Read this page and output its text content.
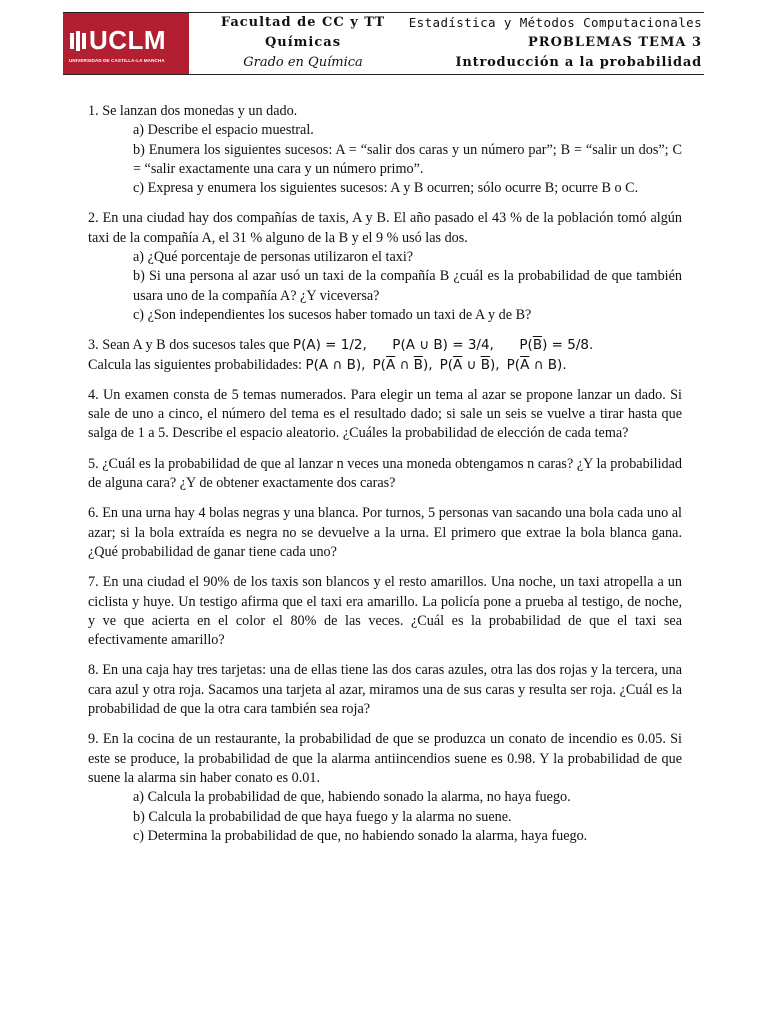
UCLM
UNIVERSIDAD DE CASTILLA-LA MANCHA
Facultad de CC y TT
Químicas
Grado en Química
Estadística y Métodos Computacionales
PROBLEMAS TEMA 3
Introducción a la probabilidad

1. Se lanzan dos monedas y un dado.

a) Describe el espacio muestral.

b) Enumera los siguientes sucesos: A = “salir dos caras y un número par”; B = “salir un dos”; C = “salir exactamente una cara y un número primo”.

c) Expresa y enumera los siguientes sucesos: A y B ocurren; sólo ocurre B; ocurre B o C.

2. En una ciudad hay dos compañías de taxis, A y B. El año pasado el 43 % de la población tomó algún taxi de la compañía A, el 31 % alguno de la B y el 9 % usó las dos.

a) ¿Qué porcentaje de personas utilizaron el taxi?

b) Si una persona al azar usó un taxi de la compañía B ¿cuál es la probabilidad de que también usara uno de la compañía A? ¿Y viceversa?

c) ¿Son independientes los sucesos haber tomado un taxi de A y de B?

3. Sean A y B dos sucesos tales que P(A) = 1/2, P(A ∪ B) = 3/4, $P(\overline{B}) = 5/8$.

Calcula las siguientes probabilidades: P(A ∩ B), $P(\overline{A}$ ∩ $\overline{B}$), $P(\overline{A}$ ∪ $\overline{B}$), $P(\overline{A}$ ∩ B).

4. Un examen consta de 5 temas numerados. Para elegir un tema al azar se propone lanzar un dado. Si sale de uno a cinco, el número del tema es el resultado dado; si sale un seis se vuelve a tirar hasta que salga de 1 a 5. Describe el espacio aleatorio. ¿Cuáles la probabilidad de elección de cada tema?

5. ¿Cuál es la probabilidad de que al lanzar n veces una moneda obtengamos n caras? ¿Y la probabilidad de alguna cara? ¿Y de obtener exactamente dos caras?

6. En una urna hay 4 bolas negras y una blanca. Por turnos, 5 personas van sacando una bola cada uno al azar; si la bola extraída es negra no se devuelve a la urna. El primero que extrae la bola blanca gana. ¿Qué probabilidad de ganar tiene cada uno?

7. En una ciudad el 90% de los taxis son blancos y el resto amarillos. Una noche, un taxi atropella a un ciclista y huye. Un testigo afirma que el taxi era amarillo. La policía pone a prueba al testigo, de noche, y ve que acierta en el color el 80% de las veces. ¿Cuál es la probabilidad de que el taxi sea efectivamente amarillo?

8. En una caja hay tres tarjetas: una de ellas tiene las dos caras azules, otra las dos rojas y la tercera, una cara azul y otra roja. Sacamos una tarjeta al azar, miramos una de sus caras y resulta ser roja. ¿Cuál es la probabilidad de que la otra cara también sea roja?

9. En la cocina de un restaurante, la probabilidad de que se produzca un conato de incendio es 0.05. Si este se produce, la probabilidad de que la alarma antiincendios suene es 0.98. Y la probabilidad de que suene la alarma sin haber conato es 0.01.

a) Calcula la probabilidad de que, habiendo sonado la alarma, no haya fuego.

b) Calcula la probabilidad de que haya fuego y la alarma no suene.

c) Determina la probabilidad de que, no habiendo sonado la alarma, haya fuego.
